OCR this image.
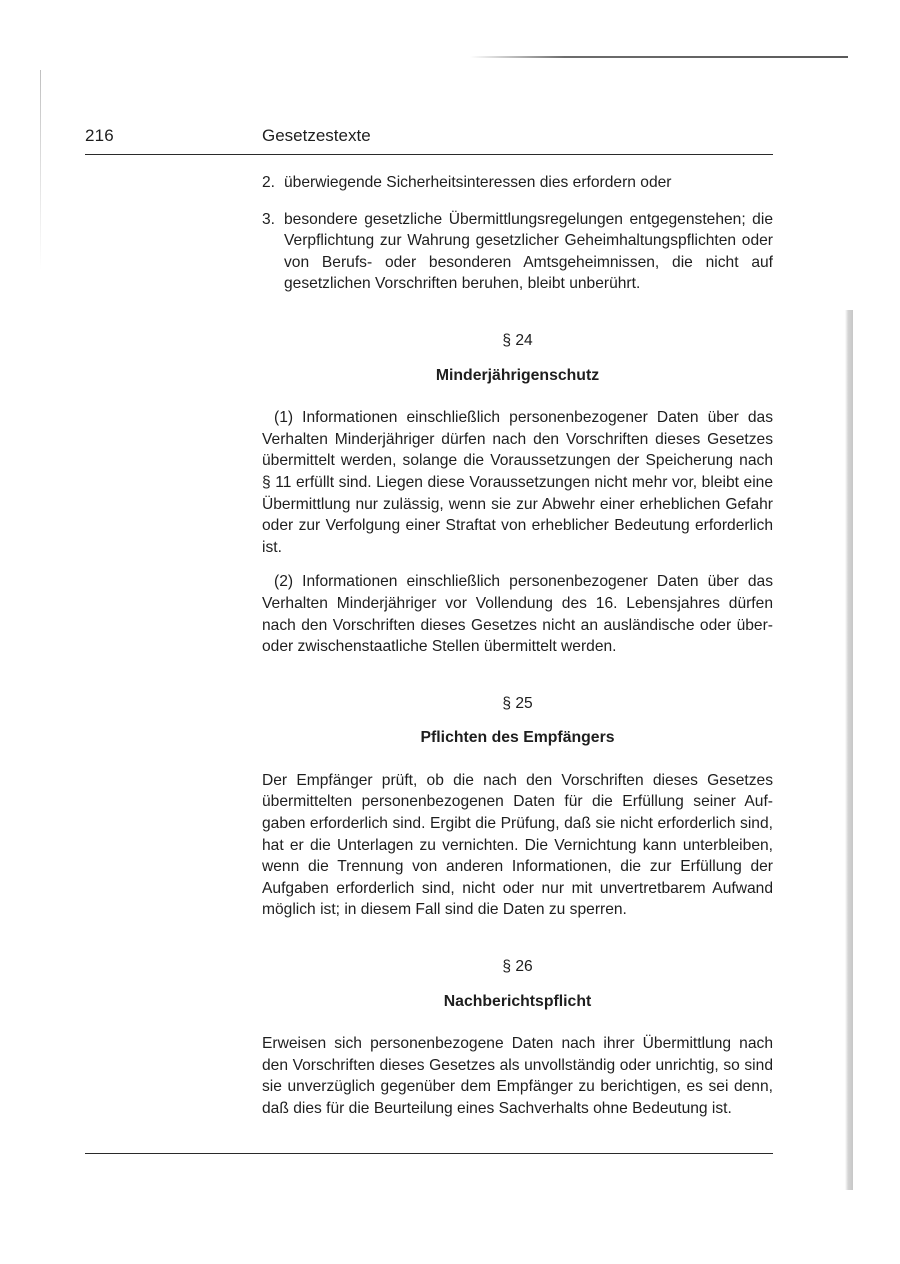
216	Gesetzestexte

2. überwiegende Sicherheitsinteressen dies erfordern oder

3. besondere gesetzliche Übermittlungsregelungen entgegenstehen; die Verpflichtung zur Wahrung gesetzlicher Geheimhaltungspflichten oder von Berufs- oder besonderen Amtsgeheimnissen, die nicht auf gesetzlichen Vorschriften beruhen, bleibt unberührt.

§ 24
Minderjährigenschutz

(1) Informationen einschließlich personenbezogener Daten über das Verhalten Minderjähriger dürfen nach den Vorschriften dieses Gesetzes übermittelt werden, solange die Voraussetzungen der Speicherung nach § 11 erfüllt sind. Liegen diese Voraussetzungen nicht mehr vor, bleibt eine Übermittlung nur zulässig, wenn sie zur Abwehr einer erheblichen Gefahr oder zur Verfolgung einer Straftat von erheblicher Bedeutung erforderlich ist.

(2) Informationen einschließlich personenbezogener Daten über das Verhalten Minderjähriger vor Vollendung des 16. Lebensjahres dürfen nach den Vorschriften dieses Gesetzes nicht an ausländische oder über- oder zwischenstaatliche Stellen übermittelt werden.

§ 25
Pflichten des Empfängers

Der Empfänger prüft, ob die nach den Vorschriften dieses Gesetzes übermittelten personenbezogenen Daten für die Erfüllung seiner Aufgaben erforderlich sind. Ergibt die Prüfung, daß sie nicht erforderlich sind, hat er die Unterlagen zu vernichten. Die Vernichtung kann unterbleiben, wenn die Trennung von anderen Informationen, die zur Erfüllung der Aufgaben erforderlich sind, nicht oder nur mit unvertretbarem Aufwand möglich ist; in diesem Fall sind die Daten zu sperren.

§ 26
Nachberichtspflicht

Erweisen sich personenbezogene Daten nach ihrer Übermittlung nach den Vorschriften dieses Gesetzes als unvollständig oder unrichtig, so sind sie unverzüglich gegenüber dem Empfänger zu berichtigen, es sei denn, daß dies für die Beurteilung eines Sachverhalts ohne Bedeutung ist.
